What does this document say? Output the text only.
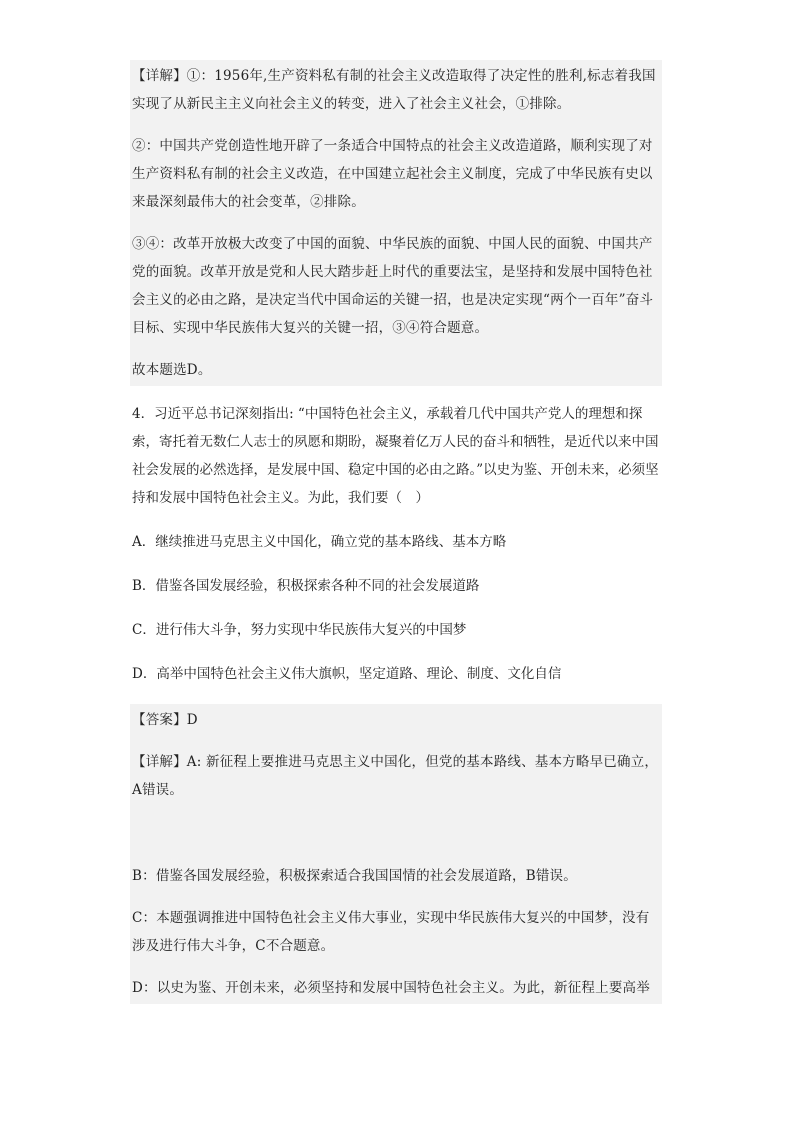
【详解】①：1956年,生产资料私有制的社会主义改造取得了决定性的胜利,标志着我国实现了从新民主主义向社会主义的转变，进入了社会主义社会，①排除。
②：中国共产党创造性地开辟了一条适合中国特点的社会主义改造道路，顺利实现了对生产资料私有制的社会主义改造，在中国建立起社会主义制度，完成了中华民族有史以来最深刻最伟大的社会变革，②排除。
③④：改革开放极大改变了中国的面貌、中华民族的面貌、中国人民的面貌、中国共产党的面貌。改革开放是党和人民大踏步赶上时代的重要法宝，是坚持和发展中国特色社会主义的必由之路，是决定当代中国命运的关键一招，也是决定实现“两个一百年”奋斗目标、实现中华民族伟大复兴的关键一招，③④符合题意。
故本题选D。
4．习近平总书记深刻指出: “中国特色社会主义，承载着几代中国共产党人的理想和探索，寄托着无数仁人志士的夙愿和期盼，凝聚着亿万人民的奋斗和牺牲，是近代以来中国社会发展的必然选择，是发展中国、稳定中国的必由之路。”以史为鉴、开创未来，必须坚持和发展中国特色社会主义。为此，我们要（　）
A．继续推进马克思主义中国化，确立党的基本路线、基本方略
B．借鉴各国发展经验，积极探索各种不同的社会发展道路
C．进行伟大斗争，努力实现中华民族伟大复兴的中国梦
D．高举中国特色社会主义伟大旗帜，坚定道路、理论、制度、文化自信
【答案】D
【详解】A: 新征程上要推进马克思主义中国化，但党的基本路线、基本方略早已确立，A错误。
B：借鉴各国发展经验，积极探索适合我国国情的社会发展道路，B错误。
C：本题强调推进中国特色社会主义伟大事业，实现中华民族伟大复兴的中国梦，没有涉及进行伟大斗争，C不合题意。
D：以史为鉴、开创未来，必须坚持和发展中国特色社会主义。为此，新征程上要高举
